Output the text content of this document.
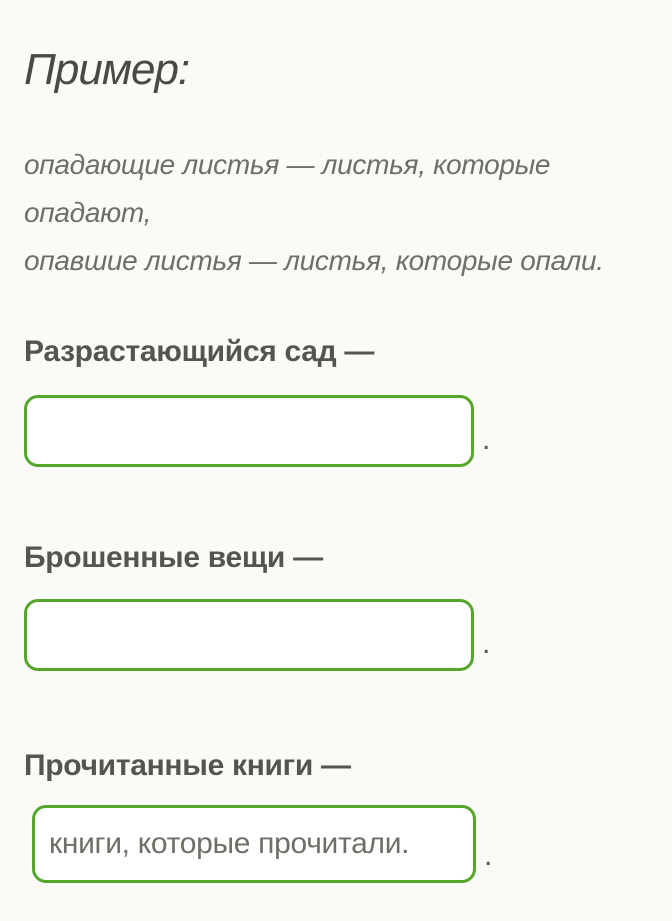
Пример:
опадающие листья — листья, которые
опадают,
опавшие листья — листья, которые опали.
Разрастающийся сад —
.
Брошенные вещи —
.
Прочитанные книги —
книги, которые прочитали.
.
